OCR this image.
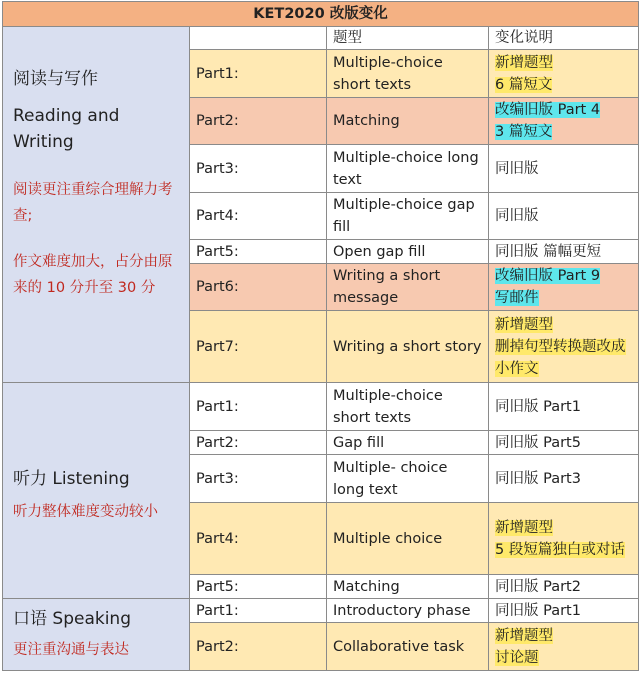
KET2020 改版变化			

阅读与写作
Reading and Writing
阅读更注重综合理解力考查;
作文难度加大，占分由原来的 10 分升至 30 分		题型	变化说明
	Part1:	Multiple-choice short texts	新增题型
6 篇短文

	Part2:	Matching	改编旧版 Part 4
3 篇短文

	Part3:	Multiple-choice long text	同旧版

	Part4:	Multiple-choice gap fill	同旧版

	Part5:	Open gap fill	同旧版 篇幅更短

	Part6:	Writing a short message	改编旧版 Part 9
写邮件

	Part7:	Writing a short story	新增题型
删掉句型转换题改成小作文

听力 Listening
听力整体难度变动较小	Part1:	Multiple-choice short texts	同旧版 Part1

	Part2:	Gap fill	同旧版 Part5

	Part3:	Multiple- choice long text	同旧版 Part3

	Part4:	Multiple choice	新增题型
5 段短篇独白或对话

	Part5:	Matching	同旧版 Part2

口语 Speaking
更注重沟通与表达	Part1:	Introductory phase	同旧版 Part1

	Part2:	Collaborative task	新增题型
讨论题
